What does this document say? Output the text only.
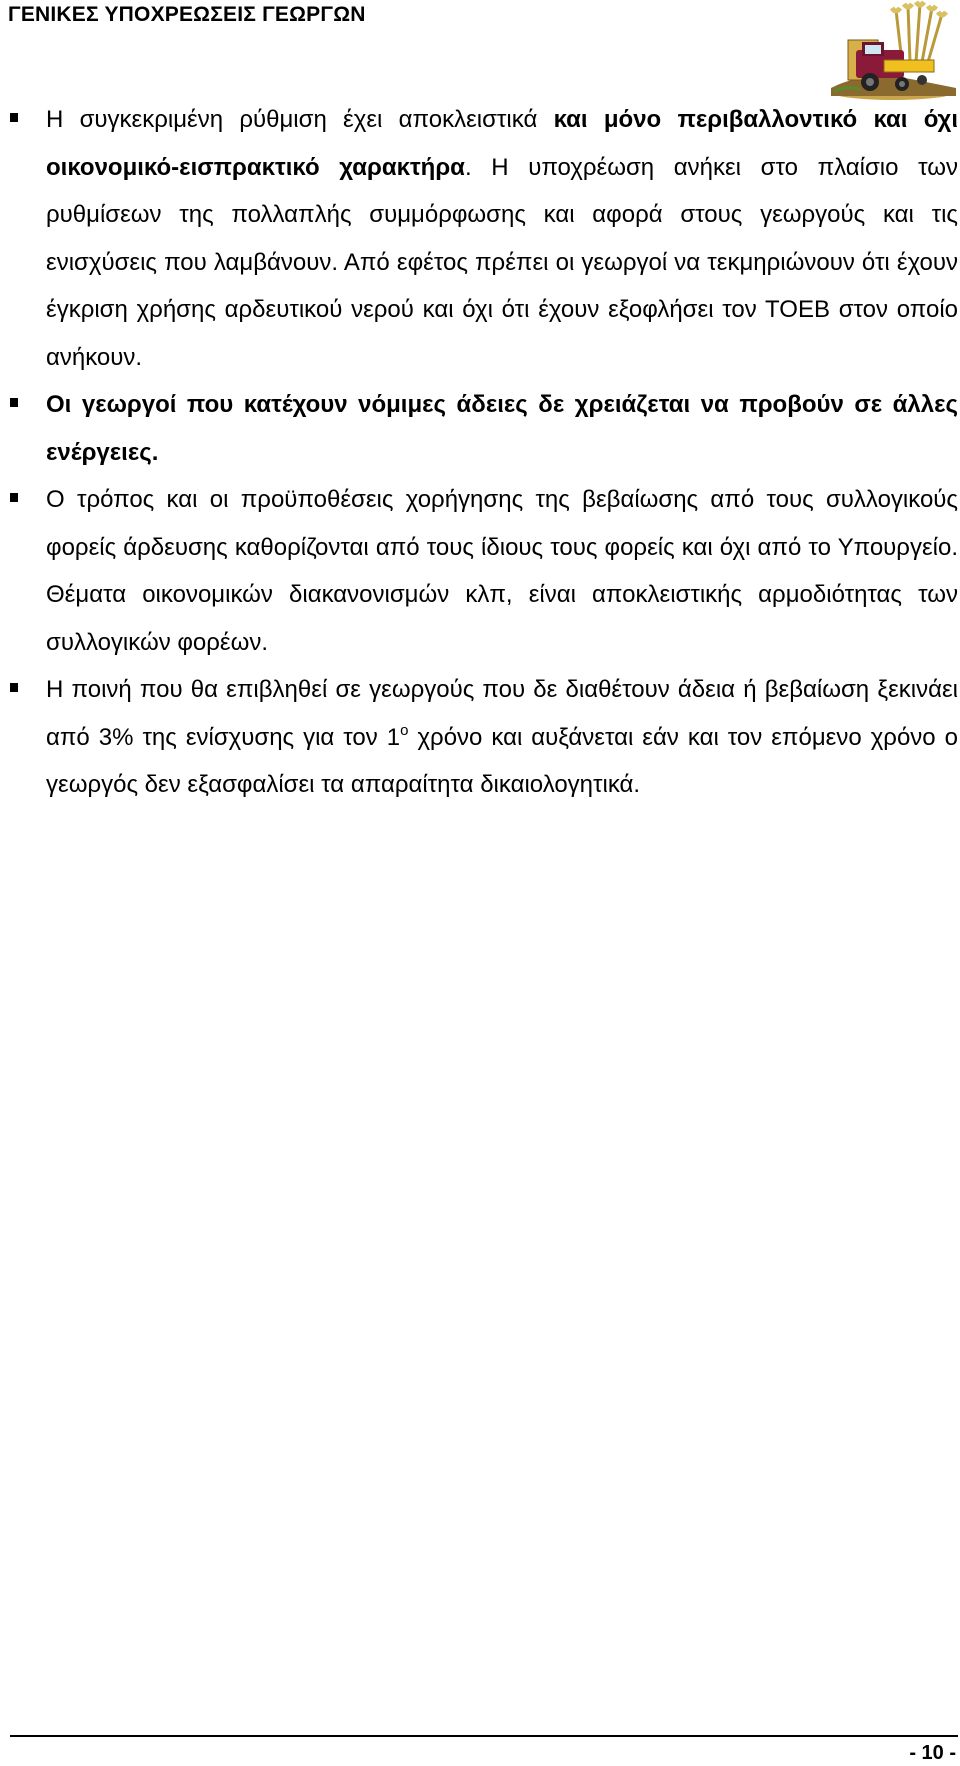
ΓΕΝΙΚΕΣ ΥΠΟΧΡΕΩΣΕΙΣ ΓΕΩΡΓΩΝ
Η συγκεκριμένη ρύθμιση έχει αποκλειστικά και μόνο περιβαλλοντικό και όχι οικονομικό-εισπρακτικό χαρακτήρα. Η υποχρέωση ανήκει στο πλαίσιο των ρυθμίσεων της πολλαπλής συμμόρφωσης και αφορά στους γεωργούς και τις ενισχύσεις που λαμβάνουν. Από εφέτος πρέπει οι γεωργοί να τεκμηριώνουν ότι έχουν έγκριση χρήσης αρδευτικού νερού και όχι ότι έχουν εξοφλήσει τον ΤΟΕΒ στον οποίο ανήκουν.
Οι γεωργοί που κατέχουν νόμιμες άδειες δε χρειάζεται να προβούν σε άλλες ενέργειες.
Ο τρόπος και οι προϋποθέσεις χορήγησης της βεβαίωσης από τους συλλογικούς φορείς άρδευσης καθορίζονται από τους ίδιους τους φορείς και όχι από το Υπουργείο. Θέματα οικονομικών διακανονισμών κλπ, είναι αποκλειστικής αρμοδιότητας των συλλογικών φορέων.
Η ποινή που θα επιβληθεί σε γεωργούς που δε διαθέτουν άδεια ή βεβαίωση ξεκινάει από 3% της ενίσχυσης για τον $1^o$ χρόνο και αυξάνεται εάν και τον επόμενο χρόνο ο γεωργός δεν εξασφαλίσει τα απαραίτητα δικαιολογητικά.
- 10 -
